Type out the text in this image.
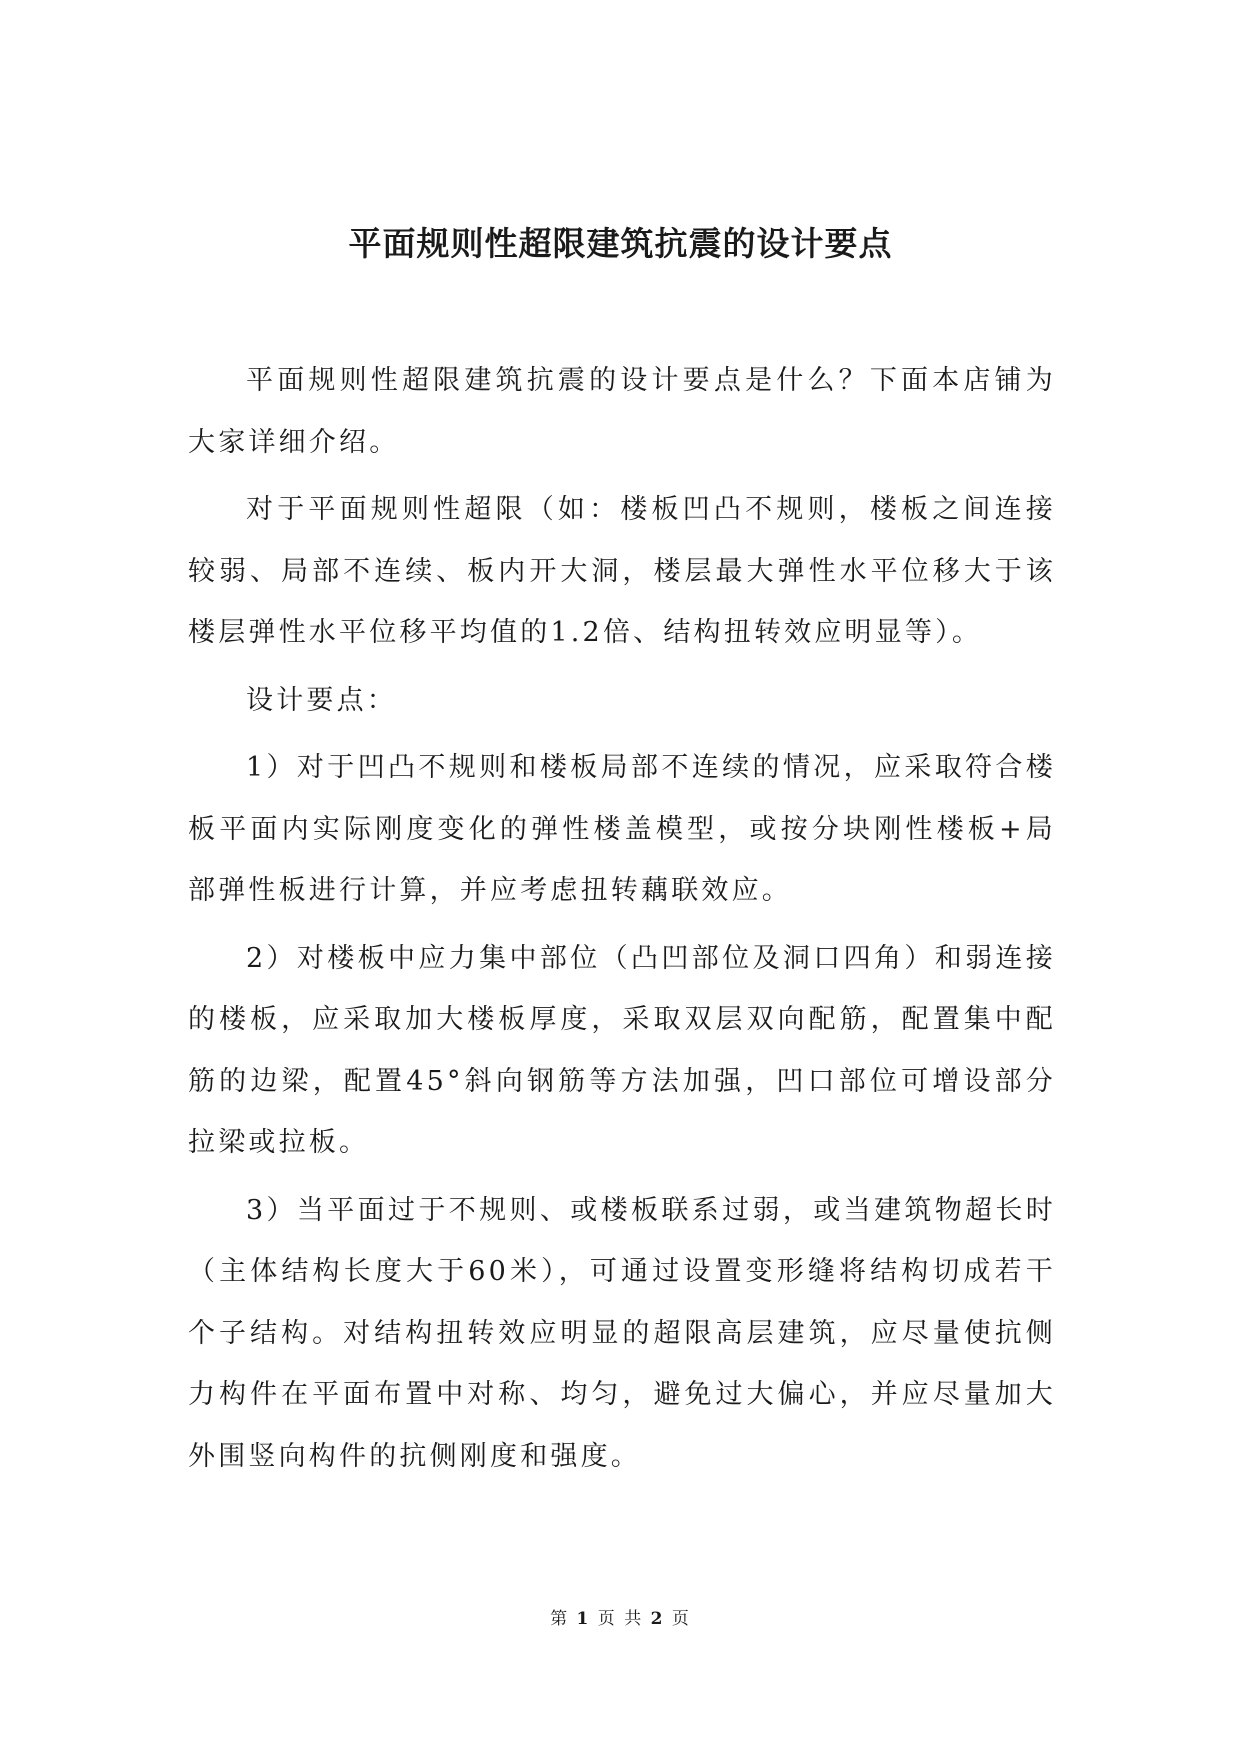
平面规则性超限建筑抗震的设计要点

平面规则性超限建筑抗震的设计要点是什么？下面本店铺为大家详细介绍。

对于平面规则性超限（如：楼板凹凸不规则，楼板之间连接较弱、局部不连续、板内开大洞，楼层最大弹性水平位移大于该楼层弹性水平位移平均值的1.2倍、结构扭转效应明显等）。

设计要点：

1）对于凹凸不规则和楼板局部不连续的情况，应采取符合楼板平面内实际刚度变化的弹性楼盖模型，或按分块刚性楼板+局部弹性板进行计算，并应考虑扭转藕联效应。

2）对楼板中应力集中部位（凸凹部位及洞口四角）和弱连接的楼板，应采取加大楼板厚度，采取双层双向配筋，配置集中配筋的边梁，配置45°斜向钢筋等方法加强，凹口部位可增设部分拉梁或拉板。

3）当平面过于不规则、或楼板联系过弱，或当建筑物超长时（主体结构长度大于60米），可通过设置变形缝将结构切成若干个子结构。对结构扭转效应明显的超限高层建筑，应尽量使抗侧力构件在平面布置中对称、均匀，避免过大偏心，并应尽量加大外围竖向构件的抗侧刚度和强度。

第 1 页 共 2 页
